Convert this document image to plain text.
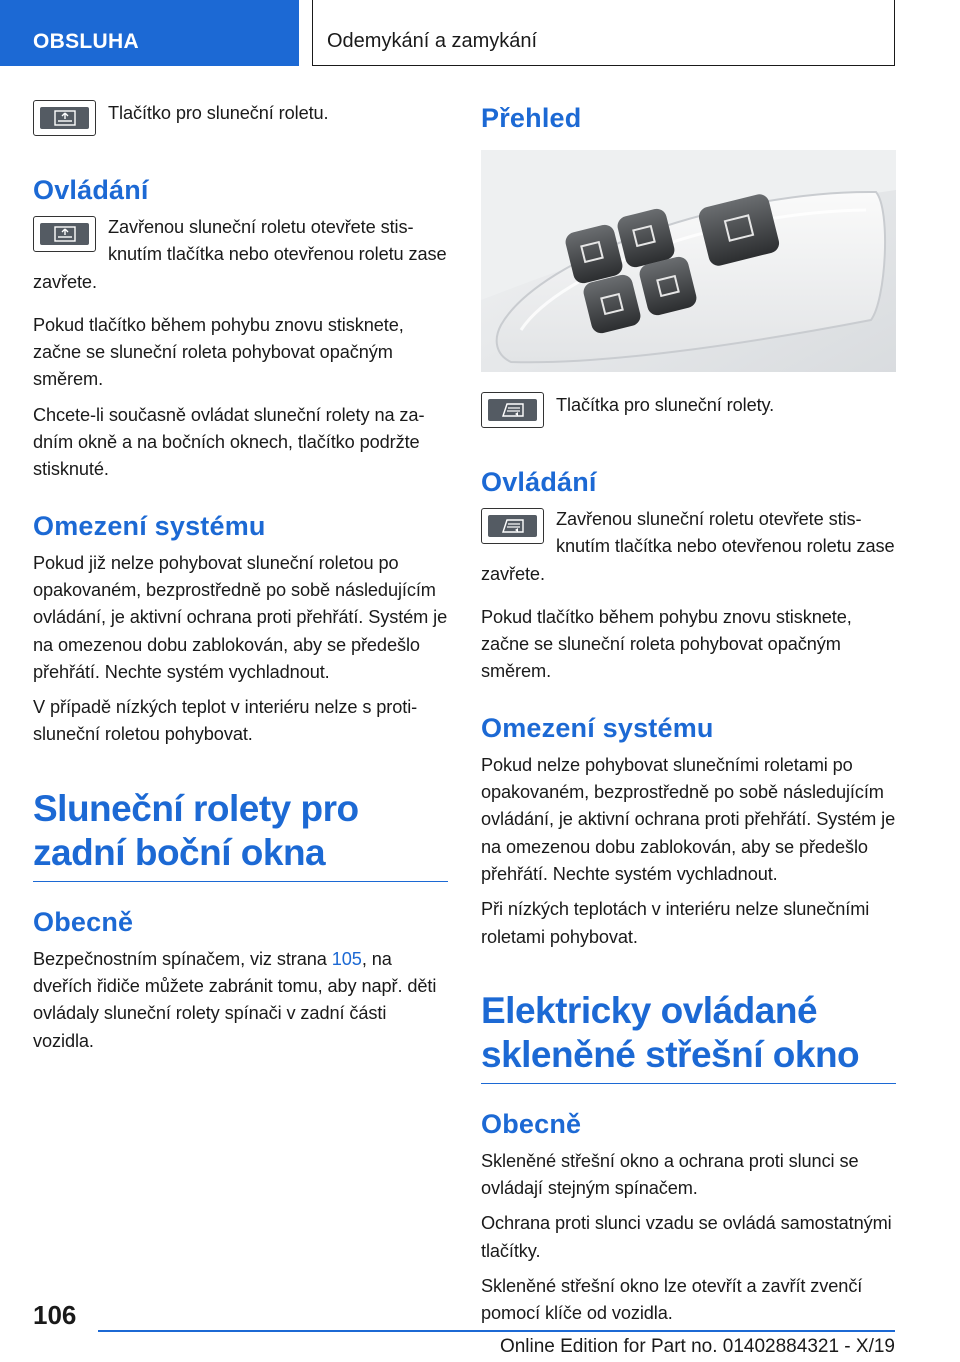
OBSLUHA	Odemykání a zamykání

Tlačítko pro sluneční roletu.

Ovládání

Zavřenou sluneční roletu otevřete stisknutím tlačítka nebo otevřenou roletu zase zavřete.

Pokud tlačítko během pohybu znovu stisknete, začne se sluneční roleta pohybovat opačným směrem.

Chcete-li současně ovládat sluneční rolety na zadním okně a na bočních oknech, tlačítko podržte stisknuté.

Omezení systému

Pokud již nelze pohybovat sluneční roletou po opakovaném, bezprostředně po sobě následujícím ovládání, je aktivní ochrana proti přehřátí. Systém je na omezenou dobu zablokován, aby se předešlo přehřátí. Nechte systém vychladnout.

V případě nízkých teplot v interiéru nelze s protisluneční roletou pohybovat.

Sluneční rolety pro zadní boční okna
Obecně

Bezpečnostním spínačem, viz strana 105, na dveřích řidiče můžete zabránit tomu, aby např. děti ovládaly sluneční rolety spínači v zadní části vozidla.

Přehled

Tlačítka pro sluneční rolety.

Ovládání

Zavřenou sluneční roletu otevřete stisknutím tlačítka nebo otevřenou roletu zase zavřete.

Pokud tlačítko během pohybu znovu stisknete, začne se sluneční roleta pohybovat opačným směrem.

Omezení systému

Pokud nelze pohybovat slunečními roletami po opakovaném, bezprostředně po sobě následujícím ovládání, je aktivní ochrana proti přehřátí. Systém je na omezenou dobu zablokován, aby se předešlo přehřátí. Nechte systém vychladnout.

Při nízkých teplotách v interiéru nelze slunečními roletami pohybovat.

Elektricky ovládané skleněné střešní okno
Obecně

Skleněné střešní okno a ochrana proti slunci se ovládají stejným spínačem.

Ochrana proti slunci vzadu se ovládá samostatnými tlačítky.

Skleněné střešní okno lze otevřít a zavřít zvenčí pomocí klíče od vozidla.

106
Online Edition for Part no. 01402884321 - X/19
